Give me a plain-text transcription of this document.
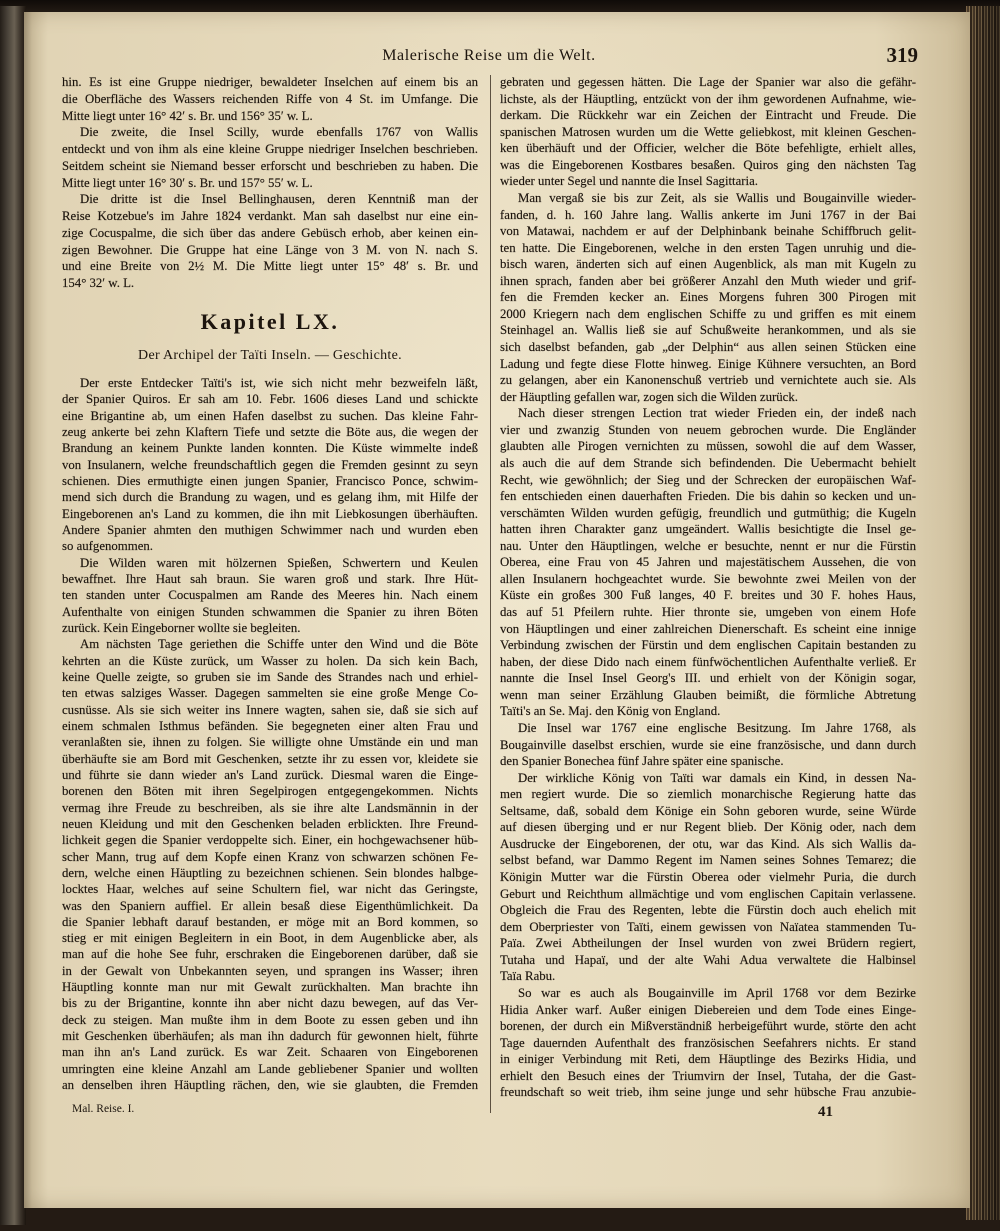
Malerische Reise um die Welt.	319
hin. Es ist eine Gruppe niedriger, bewaldeter Inselchen auf einem bis an
die Oberfläche des Wassers reichenden Riffe von 4 St. im Umfange. Die
Mitte liegt unter 16° 42′ s. Br. und 156° 35′ w. L.
Die zweite, die Insel Scilly, wurde ebenfalls 1767 von Wallis
entdeckt und von ihm als eine kleine Gruppe niedriger Inselchen beschrieben.
Seitdem scheint sie Niemand besser erforscht und beschrieben zu haben. Die
Mitte liegt unter 16° 30′ s. Br. und 157° 55′ w. L.
Die dritte ist die Insel Bellinghausen, deren Kenntniß man der
Reise Kotzebue's im Jahre 1824 verdankt. Man sah daselbst nur eine ein-
zige Cocuspalme, die sich über das andere Gebüsch erhob, aber keinen ein-
zigen Bewohner. Die Gruppe hat eine Länge von 3 M. von N. nach S.
und eine Breite von 2½ M. Die Mitte liegt unter 15° 48′ s. Br. und
154° 32′ w. L.
Kapitel LX.
Der Archipel der Taïti Inseln. — Geschichte.
Der erste Entdecker Taïti's ist, wie sich nicht mehr bezweifeln läßt,
der Spanier Quiros. Er sah am 10. Febr. 1606 dieses Land und schickte
eine Brigantine ab, um einen Hafen daselbst zu suchen. Das kleine Fahr-
zeug ankerte bei zehn Klaftern Tiefe und setzte die Böte aus, die wegen der
Brandung an keinem Punkte landen konnten. Die Küste wimmelte indeß
von Insulanern, welche freundschaftlich gegen die Fremden gesinnt zu seyn
schienen. Dies ermuthigte einen jungen Spanier, Francisco Ponce, schwim-
mend sich durch die Brandung zu wagen, und es gelang ihm, mit Hilfe der
Eingeborenen an's Land zu kommen, die ihn mit Liebkosungen überhäuften.
Andere Spanier ahmten den muthigen Schwimmer nach und wurden eben
so aufgenommen.
Die Wilden waren mit hölzernen Spießen, Schwertern und Keulen
bewaffnet. Ihre Haut sah braun. Sie waren groß und stark. Ihre Hüt-
ten standen unter Cocuspalmen am Rande des Meeres hin. Nach einem
Aufenthalte von einigen Stunden schwammen die Spanier zu ihren Böten
zurück. Kein Eingeborner wollte sie begleiten.
Am nächsten Tage geriethen die Schiffe unter den Wind und die Böte
kehrten an die Küste zurück, um Wasser zu holen. Da sich kein Bach,
keine Quelle zeigte, so gruben sie im Sande des Strandes nach und erhiel-
ten etwas salziges Wasser. Dagegen sammelten sie eine große Menge Co-
cusnüsse. Als sie sich weiter ins Innere wagten, sahen sie, daß sie sich auf
einem schmalen Isthmus befänden. Sie begegneten einer alten Frau und
veranlaßten sie, ihnen zu folgen. Sie willigte ohne Umstände ein und man
überhäufte sie am Bord mit Geschenken, setzte ihr zu essen vor, kleidete sie
und führte sie dann wieder an's Land zurück. Diesmal waren die Einge-
borenen den Böten mit ihren Segelpirogen entgegengekommen. Nichts
vermag ihre Freude zu beschreiben, als sie ihre alte Landsmännin in der
neuen Kleidung und mit den Geschenken beladen erblickten. Ihre Freund-
lichkeit gegen die Spanier verdoppelte sich. Einer, ein hochgewachsener hüb-
scher Mann, trug auf dem Kopfe einen Kranz von schwarzen schönen Fe-
dern, welche einen Häuptling zu bezeichnen schienen. Sein blondes halbge-
locktes Haar, welches auf seine Schultern fiel, war nicht das Geringste,
was den Spaniern auffiel. Er allein besaß diese Eigenthümlichkeit. Da
die Spanier lebhaft darauf bestanden, er möge mit an Bord kommen, so
stieg er mit einigen Begleitern in ein Boot, in dem Augenblicke aber, als
man auf die hohe See fuhr, erschraken die Eingeborenen darüber, daß sie
in der Gewalt von Unbekannten seyen, und sprangen ins Wasser; ihren
Häuptling konnte man nur mit Gewalt zurückhalten. Man brachte ihn
bis zu der Brigantine, konnte ihn aber nicht dazu bewegen, auf das Ver-
deck zu steigen. Man mußte ihm in dem Boote zu essen geben und ihn
mit Geschenken überhäufen; als man ihn dadurch für gewonnen hielt, führte
man ihn an's Land zurück. Es war Zeit. Schaaren von Eingeborenen
umringten eine kleine Anzahl am Lande gebliebener Spanier und wollten
an denselben ihren Häuptling rächen, den, wie sie glaubten, die Fremden
gebraten und gegessen hätten. Die Lage der Spanier war also die gefähr-
lichste, als der Häuptling, entzückt von der ihm gewordenen Aufnahme, wie-
derkam. Die Rückkehr war ein Zeichen der Eintracht und Freude. Die
spanischen Matrosen wurden um die Wette geliebkost, mit kleinen Geschen-
ken überhäuft und der Officier, welcher die Böte befehligte, erhielt alles,
was die Eingeborenen Kostbares besaßen. Quiros ging den nächsten Tag
wieder unter Segel und nannte die Insel Sagittaria.
Man vergaß sie bis zur Zeit, als sie Wallis und Bougainville wieder-
fanden, d. h. 160 Jahre lang. Wallis ankerte im Juni 1767 in der Bai
von Matawai, nachdem er auf der Delphinbank beinahe Schiffbruch gelit-
ten hatte. Die Eingeborenen, welche in den ersten Tagen unruhig und die-
bisch waren, änderten sich auf einen Augenblick, als man mit Kugeln zu
ihnen sprach, fanden aber bei größerer Anzahl den Muth wieder und grif-
fen die Fremden kecker an. Eines Morgens fuhren 300 Pirogen mit
2000 Kriegern nach dem englischen Schiffe zu und griffen es mit einem
Steinhagel an. Wallis ließ sie auf Schußweite herankommen, und als sie
sich daselbst befanden, gab „der Delphin“ aus allen seinen Stücken eine
Ladung und fegte diese Flotte hinweg. Einige Kühnere versuchten, an Bord
zu gelangen, aber ein Kanonenschuß vertrieb und vernichtete auch sie. Als
der Häuptling gefallen war, zogen sich die Wilden zurück.
Nach dieser strengen Lection trat wieder Frieden ein, der indeß nach
vier und zwanzig Stunden von neuem gebrochen wurde. Die Engländer
glaubten alle Pirogen vernichten zu müssen, sowohl die auf dem Wasser,
als auch die auf dem Strande sich befindenden. Die Uebermacht behielt
Recht, wie gewöhnlich; der Sieg und der Schrecken der europäischen Waf-
fen entschieden einen dauerhaften Frieden. Die bis dahin so kecken und un-
verschämten Wilden wurden gefügig, freundlich und gutmüthig; die Kugeln
hatten ihren Charakter ganz umgeändert. Wallis besichtigte die Insel ge-
nau. Unter den Häuptlingen, welche er besuchte, nennt er nur die Fürstin
Oberea, eine Frau von 45 Jahren und majestätischem Aussehen, die von
allen Insulanern hochgeachtet wurde. Sie bewohnte zwei Meilen von der
Küste ein großes 300 Fuß langes, 40 F. breites und 30 F. hohes Haus,
das auf 51 Pfeilern ruhte. Hier thronte sie, umgeben von einem Hofe
von Häuptlingen und einer zahlreichen Dienerschaft. Es scheint eine innige
Verbindung zwischen der Fürstin und dem englischen Capitain bestanden zu
haben, der diese Dido nach einem fünfwöchentlichen Aufenthalte verließ. Er
nannte die Insel Insel Georg's III. und erhielt von der Königin sogar,
wenn man seiner Erzählung Glauben beimißt, die förmliche Abtretung
Taïti's an Se. Maj. den König von England.
Die Insel war 1767 eine englische Besitzung. Im Jahre 1768, als
Bougainville daselbst erschien, wurde sie eine französische, und dann durch
den Spanier Bonechea fünf Jahre später eine spanische.
Der wirkliche König von Taïti war damals ein Kind, in dessen Na-
men regiert wurde. Die so ziemlich monarchische Regierung hatte das
Seltsame, daß, sobald dem Könige ein Sohn geboren wurde, seine Würde
auf diesen überging und er nur Regent blieb. Der König oder, nach dem
Ausdrucke der Eingeborenen, der otu, war das Kind. Als sich Wallis da-
selbst befand, war Dammo Regent im Namen seines Sohnes Temarez; die
Königin Mutter war die Fürstin Oberea oder vielmehr Puria, die durch
Geburt und Reichthum allmächtige und vom englischen Capitain verlassene.
Obgleich die Frau des Regenten, lebte die Fürstin doch auch ehelich mit
dem Oberpriester von Taïti, einem gewissen von Naïatea stammenden Tu-
Païa. Zwei Abtheilungen der Insel wurden von zwei Brüdern regiert,
Tutaha und Hapaï, und der alte Wahi Adua verwaltete die Halbinsel
Taïa Rabu.
So war es auch als Bougainville im April 1768 vor dem Bezirke
Hidia Anker warf. Außer einigen Diebereien und dem Tode eines Einge-
borenen, der durch ein Mißverständniß herbeigeführt wurde, störte den acht
Tage dauernden Aufenthalt des französischen Seefahrers nichts. Er stand
in einiger Verbindung mit Reti, dem Häuptlinge des Bezirks Hidia, und
erhielt den Besuch eines der Triumvirn der Insel, Tutaha, der die Gast-
freundschaft so weit trieb, ihm seine junge und sehr hübsche Frau anzubie-
Mal. Reise. I.	41
